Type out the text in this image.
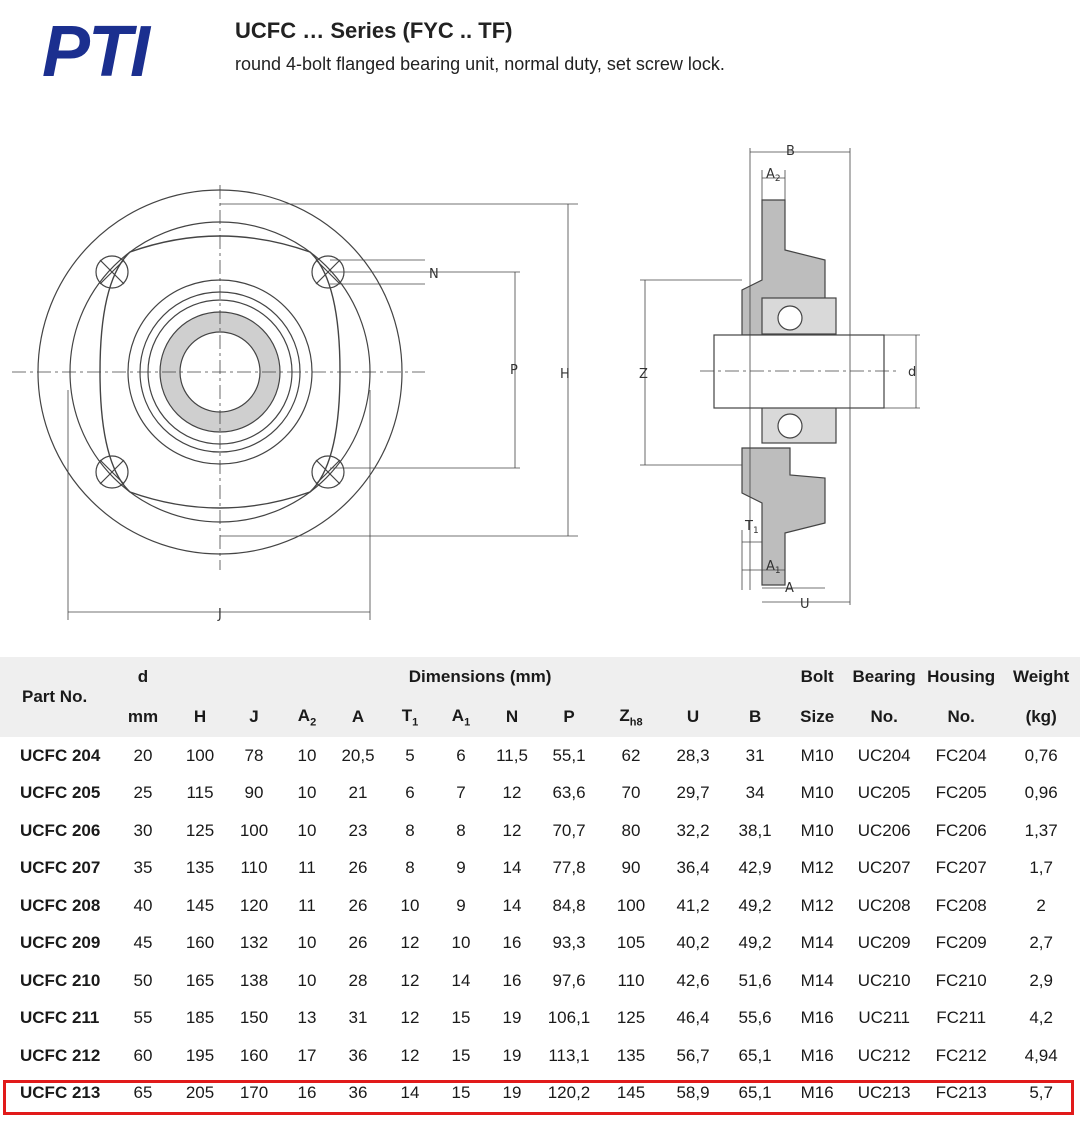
PTI	UCFC … Series (FYC .. TF)
round 4-bolt flanged bearing unit, normal duty, set screw lock.
N
P	H
J
B
$A_2$
Z	d
$T_1$
$A_1$
A
U
Part No.	d	Dimensions (mm)											Bolt	Bearing	Housing	Weight
	mm	H	J	$A_2$	A	$T_1$	$A_1$	N	P	$Z_{h8}$	U	B	Size	No.	No.	(kg)
UCFC 204	20	100	78	10	20,5	5	6	11,5	55,1	62	28,3	31	M10	UC204	FC204	0,76
UCFC 205	25	115	90	10	21	6	7	12	63,6	70	29,7	34	M10	UC205	FC205	0,96
UCFC 206	30	125	100	10	23	8	8	12	70,7	80	32,2	38,1	M10	UC206	FC206	1,37
UCFC 207	35	135	110	11	26	8	9	14	77,8	90	36,4	42,9	M12	UC207	FC207	1,7
UCFC 208	40	145	120	11	26	10	9	14	84,8	100	41,2	49,2	M12	UC208	FC208	2
UCFC 209	45	160	132	10	26	12	10	16	93,3	105	40,2	49,2	M14	UC209	FC209	2,7
UCFC 210	50	165	138	10	28	12	14	16	97,6	110	42,6	51,6	M14	UC210	FC210	2,9
UCFC 211	55	185	150	13	31	12	15	19	106,1	125	46,4	55,6	M16	UC211	FC211	4,2
UCFC 212	60	195	160	17	36	12	15	19	113,1	135	56,7	65,1	M16	UC212	FC212	4,94
UCFC 213	65	205	170	16	36	14	15	19	120,2	145	58,9	65,1	M16	UC213	FC213	5,7
